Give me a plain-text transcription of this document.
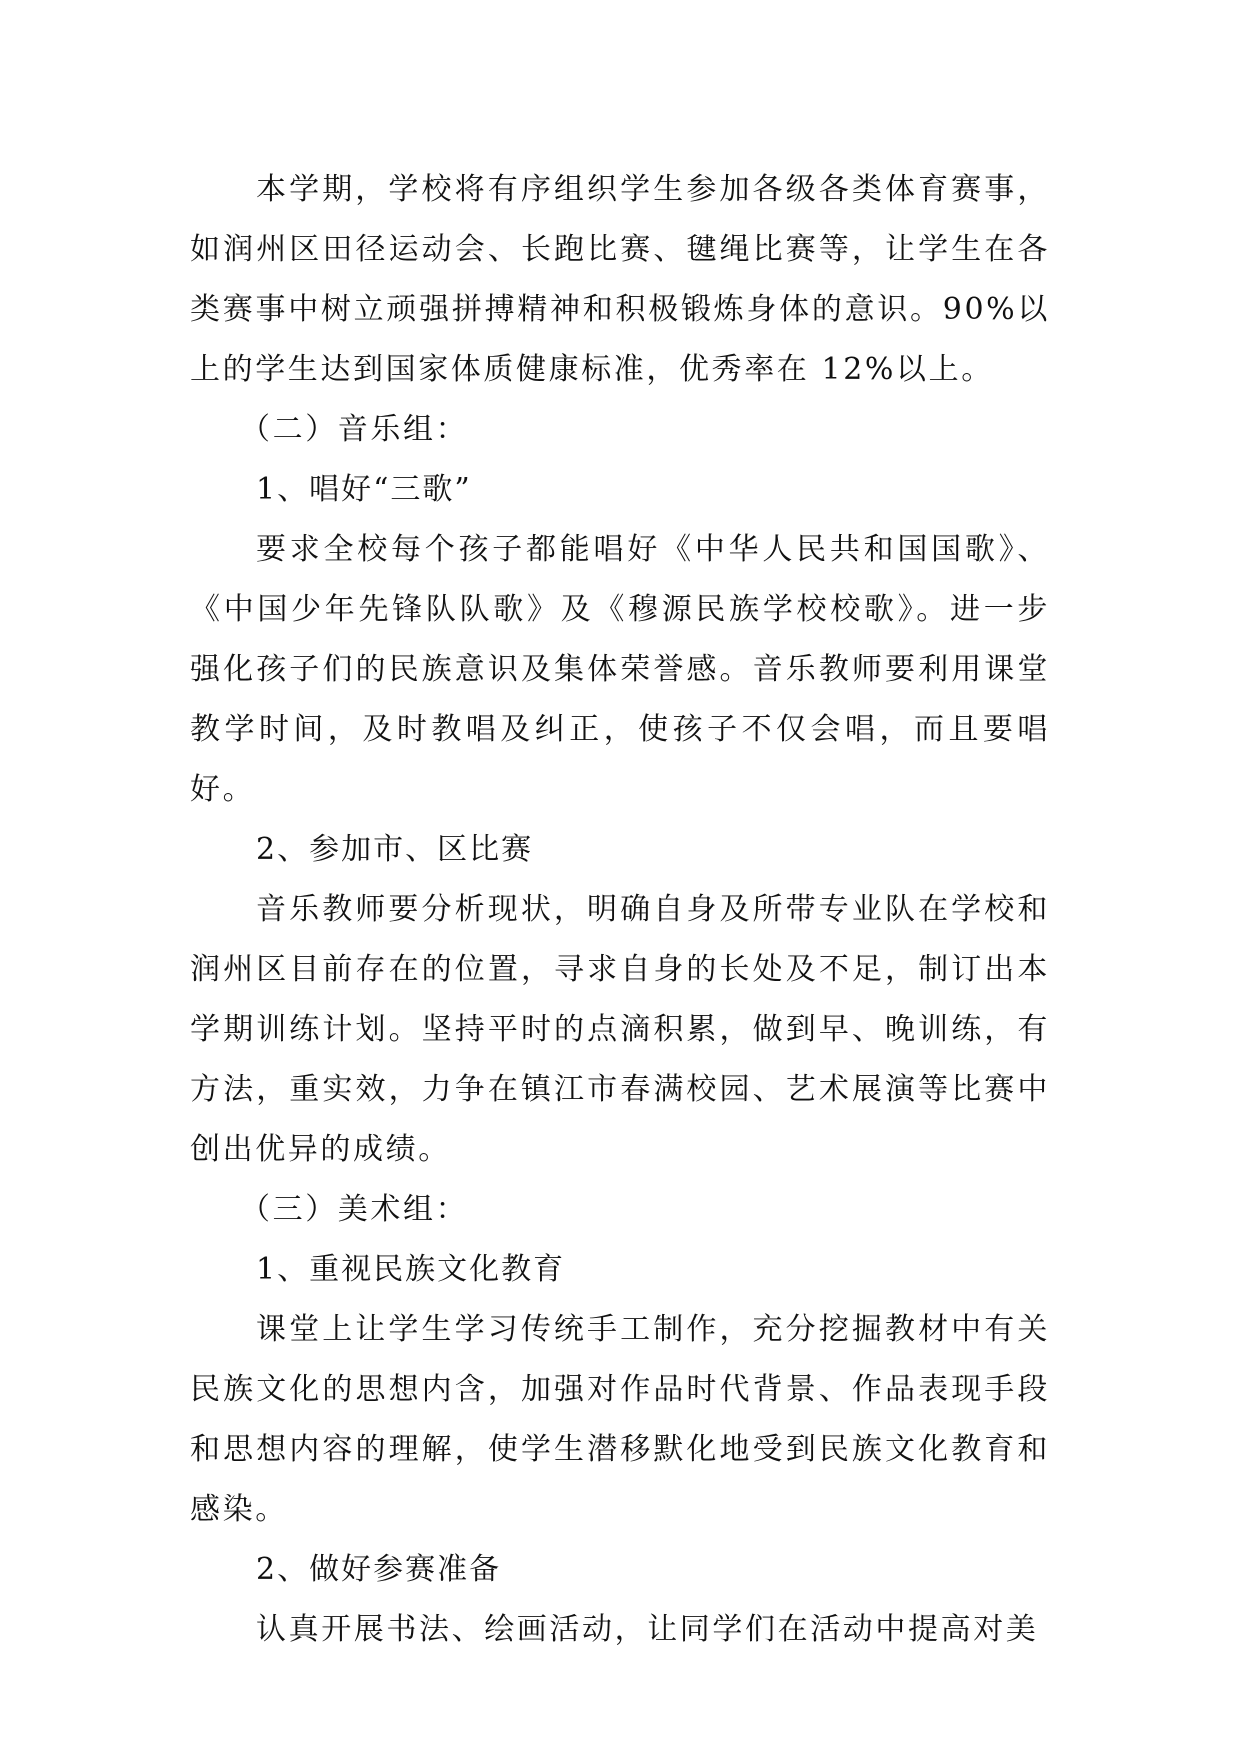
本学期，学校将有序组织学生参加各级各类体育赛事，如润州区田径运动会、长跑比赛、毽绳比赛等，让学生在各类赛事中树立顽强拼搏精神和积极锻炼身体的意识。90%以上的学生达到国家体质健康标准，优秀率在 12%以上。

（二）音乐组：

1、唱好“三歌”

要求全校每个孩子都能唱好《中华人民共和国国歌》、《中国少年先锋队队歌》及《穆源民族学校校歌》。进一步强化孩子们的民族意识及集体荣誉感。音乐教师要利用课堂教学时间，及时教唱及纠正，使孩子不仅会唱，而且要唱好。

2、参加市、区比赛

音乐教师要分析现状，明确自身及所带专业队在学校和润州区目前存在的位置，寻求自身的长处及不足，制订出本学期训练计划。坚持平时的点滴积累，做到早、晚训练，有方法，重实效，力争在镇江市春满校园、艺术展演等比赛中创出优异的成绩。

（三）美术组：

1、重视民族文化教育

课堂上让学生学习传统手工制作，充分挖掘教材中有关民族文化的思想内含，加强对作品时代背景、作品表现手段和思想内容的理解，使学生潜移默化地受到民族文化教育和感染。

2、做好参赛准备

认真开展书法、绘画活动，让同学们在活动中提高对美
